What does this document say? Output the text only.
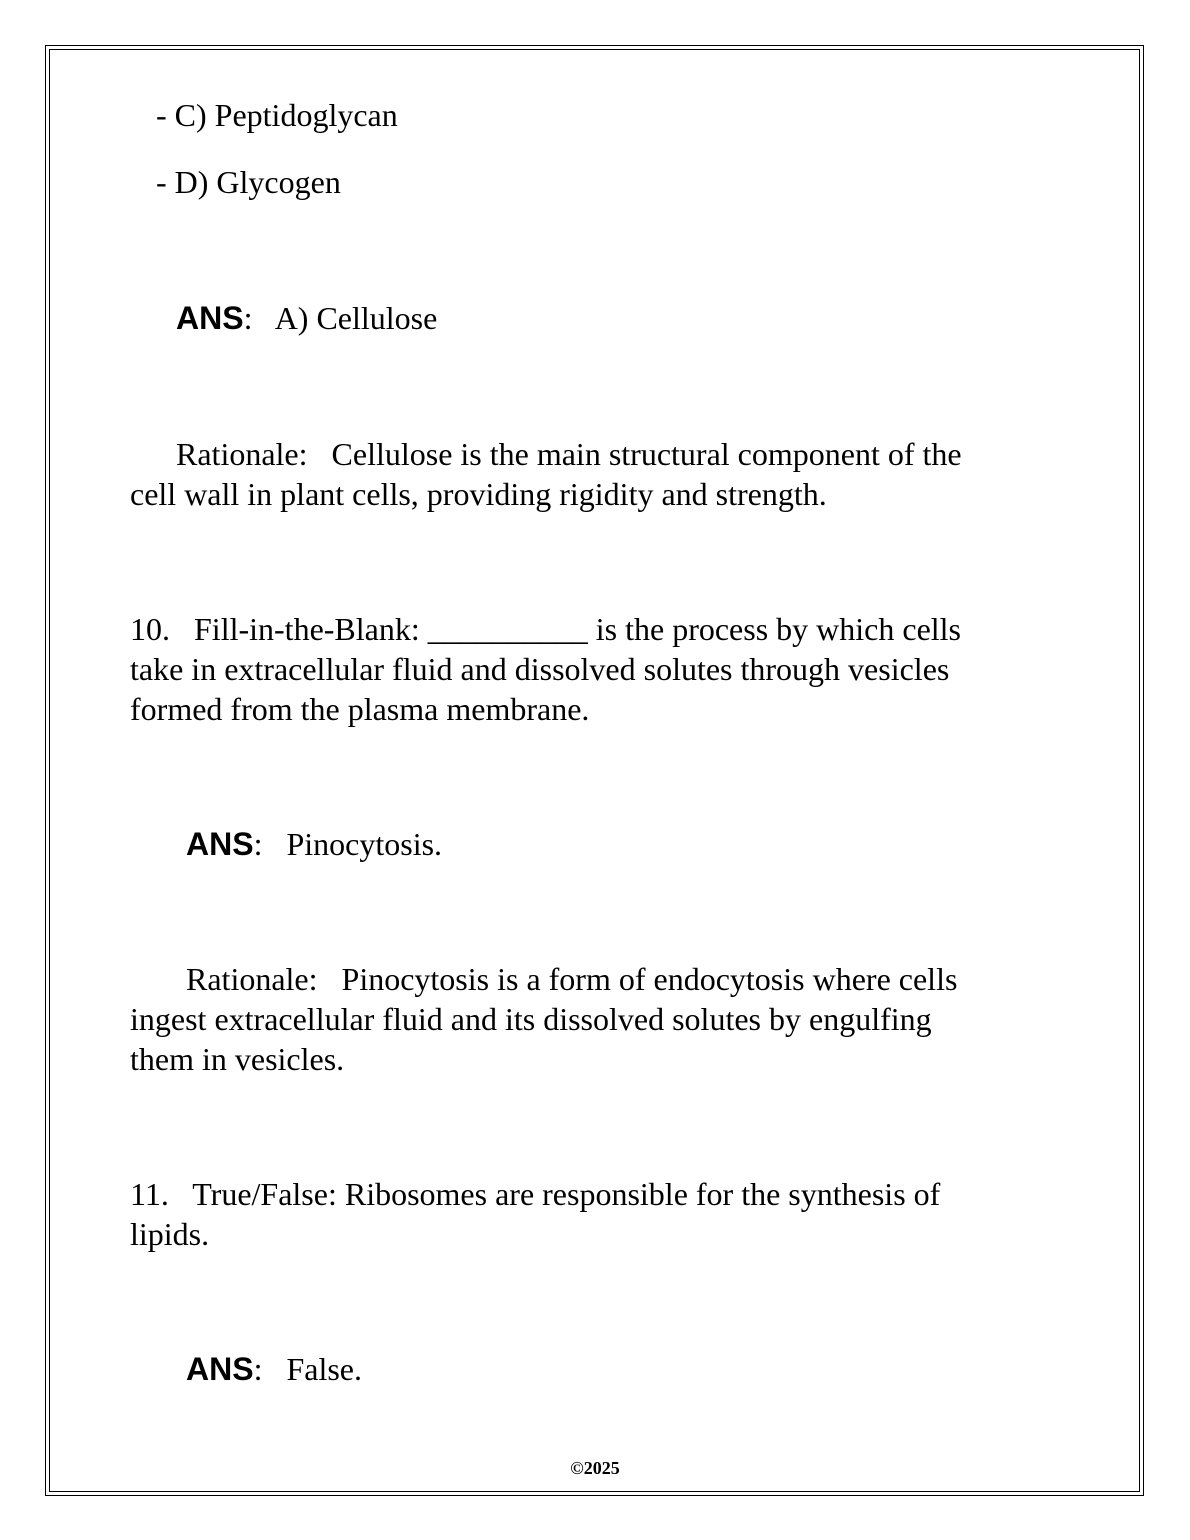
- C) Peptidoglycan
- D) Glycogen
ANS: A) Cellulose
Rationale:   Cellulose is the main structural component of the
cell wall in plant cells, providing rigidity and strength.
10.   Fill-in-the-Blank: __________ is the process by which cells
take in extracellular fluid and dissolved solutes through vesicles
formed from the plasma membrane.
ANS: Pinocytosis.
Rationale:   Pinocytosis is a form of endocytosis where cells
ingest extracellular fluid and its dissolved solutes by engulfing
them in vesicles.
11.   True/False: Ribosomes are responsible for the synthesis of
lipids.
ANS: False.
©2025
